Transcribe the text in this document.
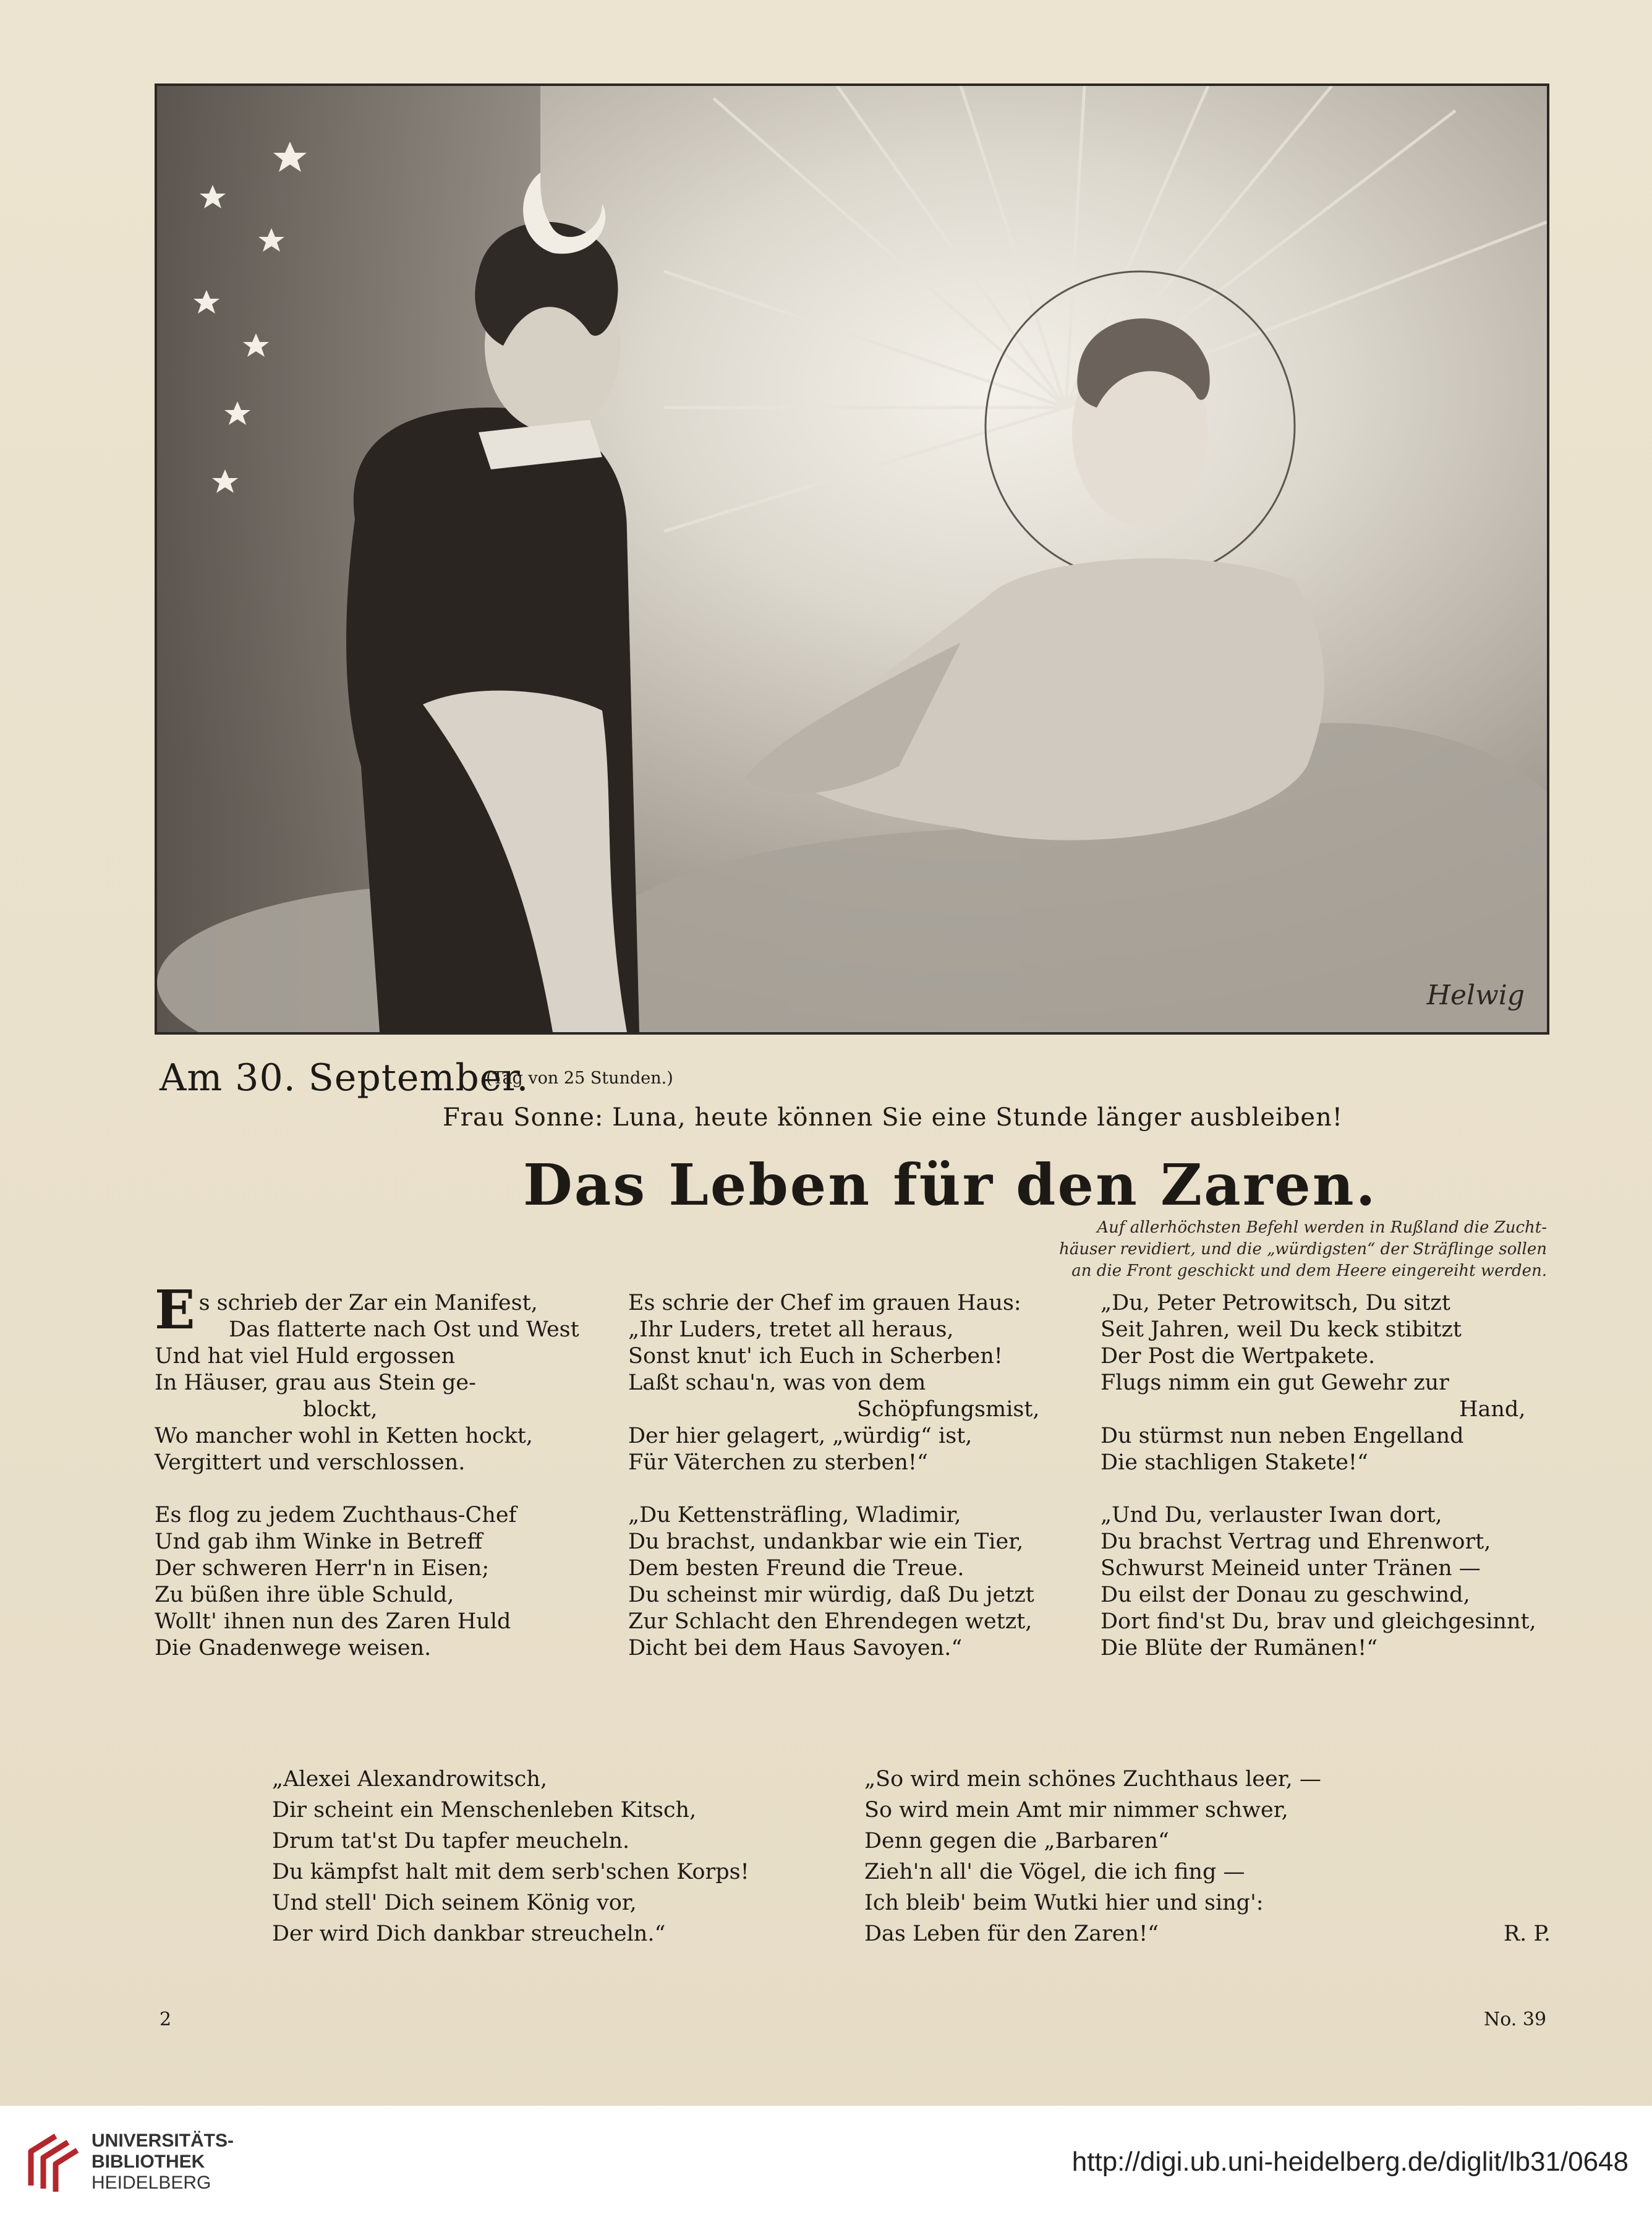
Helwig
Am 30. September.
(Tag von 25 Stunden.)
Frau Sonne: Luna, heute können Sie eine Stunde länger ausbleiben!
Das Leben für den Zaren.
Auf allerhöchsten Befehl werden in Rußland die Zucht-
häuser revidiert, und die „würdigsten“ der Sträflinge sollen
an die Front geschickt und dem Heere eingereiht werden.
Es schrieb der Zar ein Manifest,
Das flatterte nach Ost und West
Und hat viel Huld ergossen
In Häuser, grau aus Stein ge-
blockt,
Wo mancher wohl in Ketten hockt,
Vergittert und verschlossen.
Es flog zu jedem Zuchthaus-Chef
Und gab ihm Winke in Betreff
Der schweren Herr'n in Eisen;
Zu büßen ihre üble Schuld,
Wollt' ihnen nun des Zaren Huld
Die Gnadenwege weisen.
Es schrie der Chef im grauen Haus:
„Ihr Luders, tretet all heraus,
Sonst knut' ich Euch in Scherben!
Laßt schau'n, was von dem
Schöpfungsmist,
Der hier gelagert, „würdig“ ist,
Für Väterchen zu sterben!“
„Du Kettensträfling, Wladimir,
Du brachst, undankbar wie ein Tier,
Dem besten Freund die Treue.
Du scheinst mir würdig, daß Du jetzt
Zur Schlacht den Ehrendegen wetzt,
Dicht bei dem Haus Savoyen.“
„Du, Peter Petrowitsch, Du sitzt
Seit Jahren, weil Du keck stibitzt
Der Post die Wertpakete.
Flugs nimm ein gut Gewehr zur
Hand,
Du stürmst nun neben Engelland
Die stachligen Stakete!“
„Und Du, verlauster Iwan dort,
Du brachst Vertrag und Ehrenwort,
Schwurst Meineid unter Tränen —
Du eilst der Donau zu geschwind,
Dort find'st Du, brav und gleichgesinnt,
Die Blüte der Rumänen!“
„Alexei Alexandrowitsch,
Dir scheint ein Menschenleben Kitsch,
Drum tat'st Du tapfer meucheln.
Du kämpfst halt mit dem serb'schen Korps!
Und stell' Dich seinem König vor,
Der wird Dich dankbar streucheln.“
„So wird mein schönes Zuchthaus leer, —
So wird mein Amt mir nimmer schwer,
Denn gegen die „Barbaren“
Zieh'n all' die Vögel, die ich fing —
Ich bleib' beim Wutki hier und sing':
Das Leben für den Zaren!“	R. P.
2	No. 39
UNIVERSITÄTS-
BIBLIOTHEK
HEIDELBERG
http://digi.ub.uni-heidelberg.de/diglit/lb31/0648
